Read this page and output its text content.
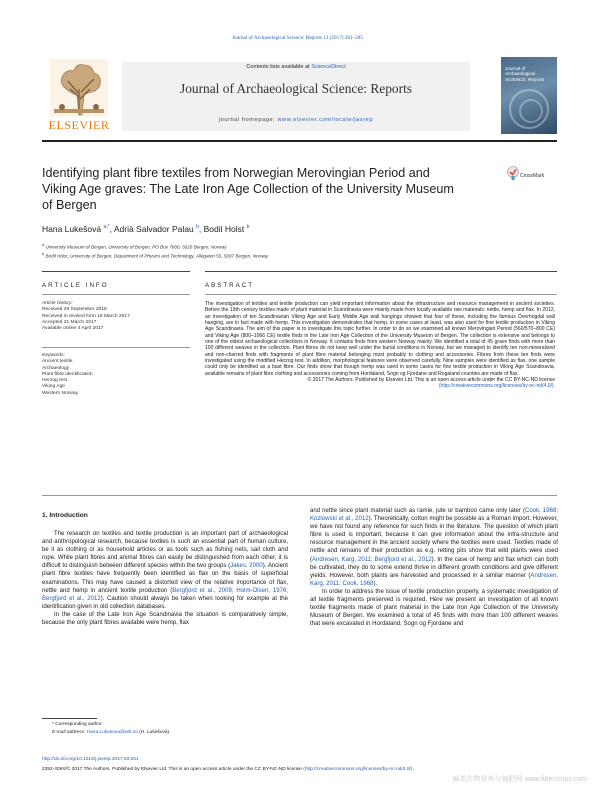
Journal of Archaeological Science: Reports 13 (2017) 281–285
ELSEVIER
Contents lists available at ScienceDirect
Journal of Archaeological Science: Reports
journal homepage: www.elsevier.com/locate/jasrep
Journal of Archaeological SCIENCE: Reports
Identifying plant fibre textiles from Norwegian Merovingian Period and Viking Age graves: The Late Iron Age Collection of the University Museum of Bergen
CrossMark
Hana Lukešová $^{a,*}$, Adrià Salvador Palau $^b$, Bodil Holst $^b$
$^a$ University Museum of Bergen, University of Bergen, PO Box 7800, 5020 Bergen, Norway
$^b$ Bodil Holst, University of Bergen, Department of Physics and Technology, Allégaten 55, 5007 Bergen, Norway
ARTICLE INFO	ABSTRACT
Article history:
Received 29 September 2016
Received in revised form 16 March 2017
Accepted 21 March 2017
Available online 4 April 2017
Keywords:
Ancient textile
Archaeology
Plant fibre identification
Herzog test
Viking Age
Western Norway
The investigation of textiles and textile production can yield important information about the infrastructure and resource management in ancient societies. Before the 19th century textiles made of plant material in Scandinavia were mainly made from locally available raw materials: nettle, hemp and flax. In 2012, an investigation of ten Scandinavian Viking Age and Early Middle Age wall hangings showed that four of these, including the famous Överhogdal wall hanging, are in fact made with hemp. This investigation demonstrates that hemp, in some cases at least, was also used for fine textile production in Viking Age Scandinavia. The aim of this paper is to investigate this topic further. In order to do so we examined all known Merovingian Period (560/570–800 CE) and Viking Age (800–1066 CE) textile finds in the Late Iron Age Collection of the University Museum of Bergen. The collection is extensive and belongs to one of the oldest archaeological collections in Norway. It contains finds from western Norway mainly. We identified a total of 45 grave finds with more than 100 different weaves in the collection. Plant fibres do not keep well under the burial conditions in Norway, but we managed to identify ten non-mineralized and non-charred finds with fragments of plant fibre material belonging most probably to clothing and accessories. Fibres from these ten finds were investigated using the modified Herzog test. In addition, morphological features were observed carefully. Nine samples were identified as flax, one sample could only be identified as a bast fibre. Our finds show that though hemp was used in some cases for fine textile production in Viking Age Scandinavia, available remains of plant fibre clothing and accessories coming from Hordaland, Sogn og Fjordane and Rogaland counties are made of flax.
© 2017 The Authors. Published by Elsevier Ltd. This is an open access article under the CC BY-NC-ND license
(http://creativecommons.org/licenses/by-nc-nd/4.0/).
1. Introduction

The research on textiles and textile production is an important part of archaeological and anthropological research, because textiles is such an essential part of human culture, be it as clothing or as household articles or as tools such as fishing nets, sail cloth and rope. While plant fibres and animal fibres can easily be distinguished from each other, it is difficult to distinguish between different species within the two groups (Jakes, 2000). Ancient plant fibre textiles have frequently been identified as flax on the basis of superficial examinations. This may have caused a distorted view of the relative importance of flax, nettle and hemp in ancient textile production (Bergfjord et al., 2009; Holm-Olsen, 1976; Bergfjord et al., 2012). Caution should always be taken when looking for example at the identification given in old collection databases.

In the case of the Late Iron Age Scandinavia the situation is comparatively simple, because the only plant fibres available were hemp, flax

and nettle since plant material such as ramie, jute or bamboo came only later (Cook, 1968; Kozlowski et al., 2012). Theoretically, cotton might be possible as a Roman import. However, we have not found any reference for such finds in the literature. The question of which plant fibre is used is important, because it can give information about the infra-structure and resource management in the ancient society where the textiles were used. Textiles made of nettle and remains of their production as e.g. retting pits show that wild plants were used (Andresen, Karg, 2011; Bergfjord et al., 2012). In the case of hemp and flax which can both be cultivated, they do to some extend thrive in different growth conditions and give different yields. However, both plants are harvested and processed in a similar manner (Andresen, Karg, 2011; Cook, 1968).

In order to address the issue of textile production properly, a systematic investigation of all textile fragments preserved is required. Here we present an investigation of all known textile fragments made of plant material in the Late Iron Age Collection of the University Museum of Bergen. We examined a total of 45 finds with more than 100 different weaves that were excavated in Hordaland, Sogn og Fjordane and

* Corresponding author.
E-mail address: Hana.Lukesova@uib.no (H. Lukešová).
http://dx.doi.org/10.1016/j.jasrep.2017.03.051
2352-409X/© 2017 The Authors. Published by Elsevier Ltd. This is an open access article under the CC BY-NC-ND license (http://creativecommons.org/licenses/by-nc-nd/4.0/).
麻类作物营养与施肥网 www.fibercrops.com
